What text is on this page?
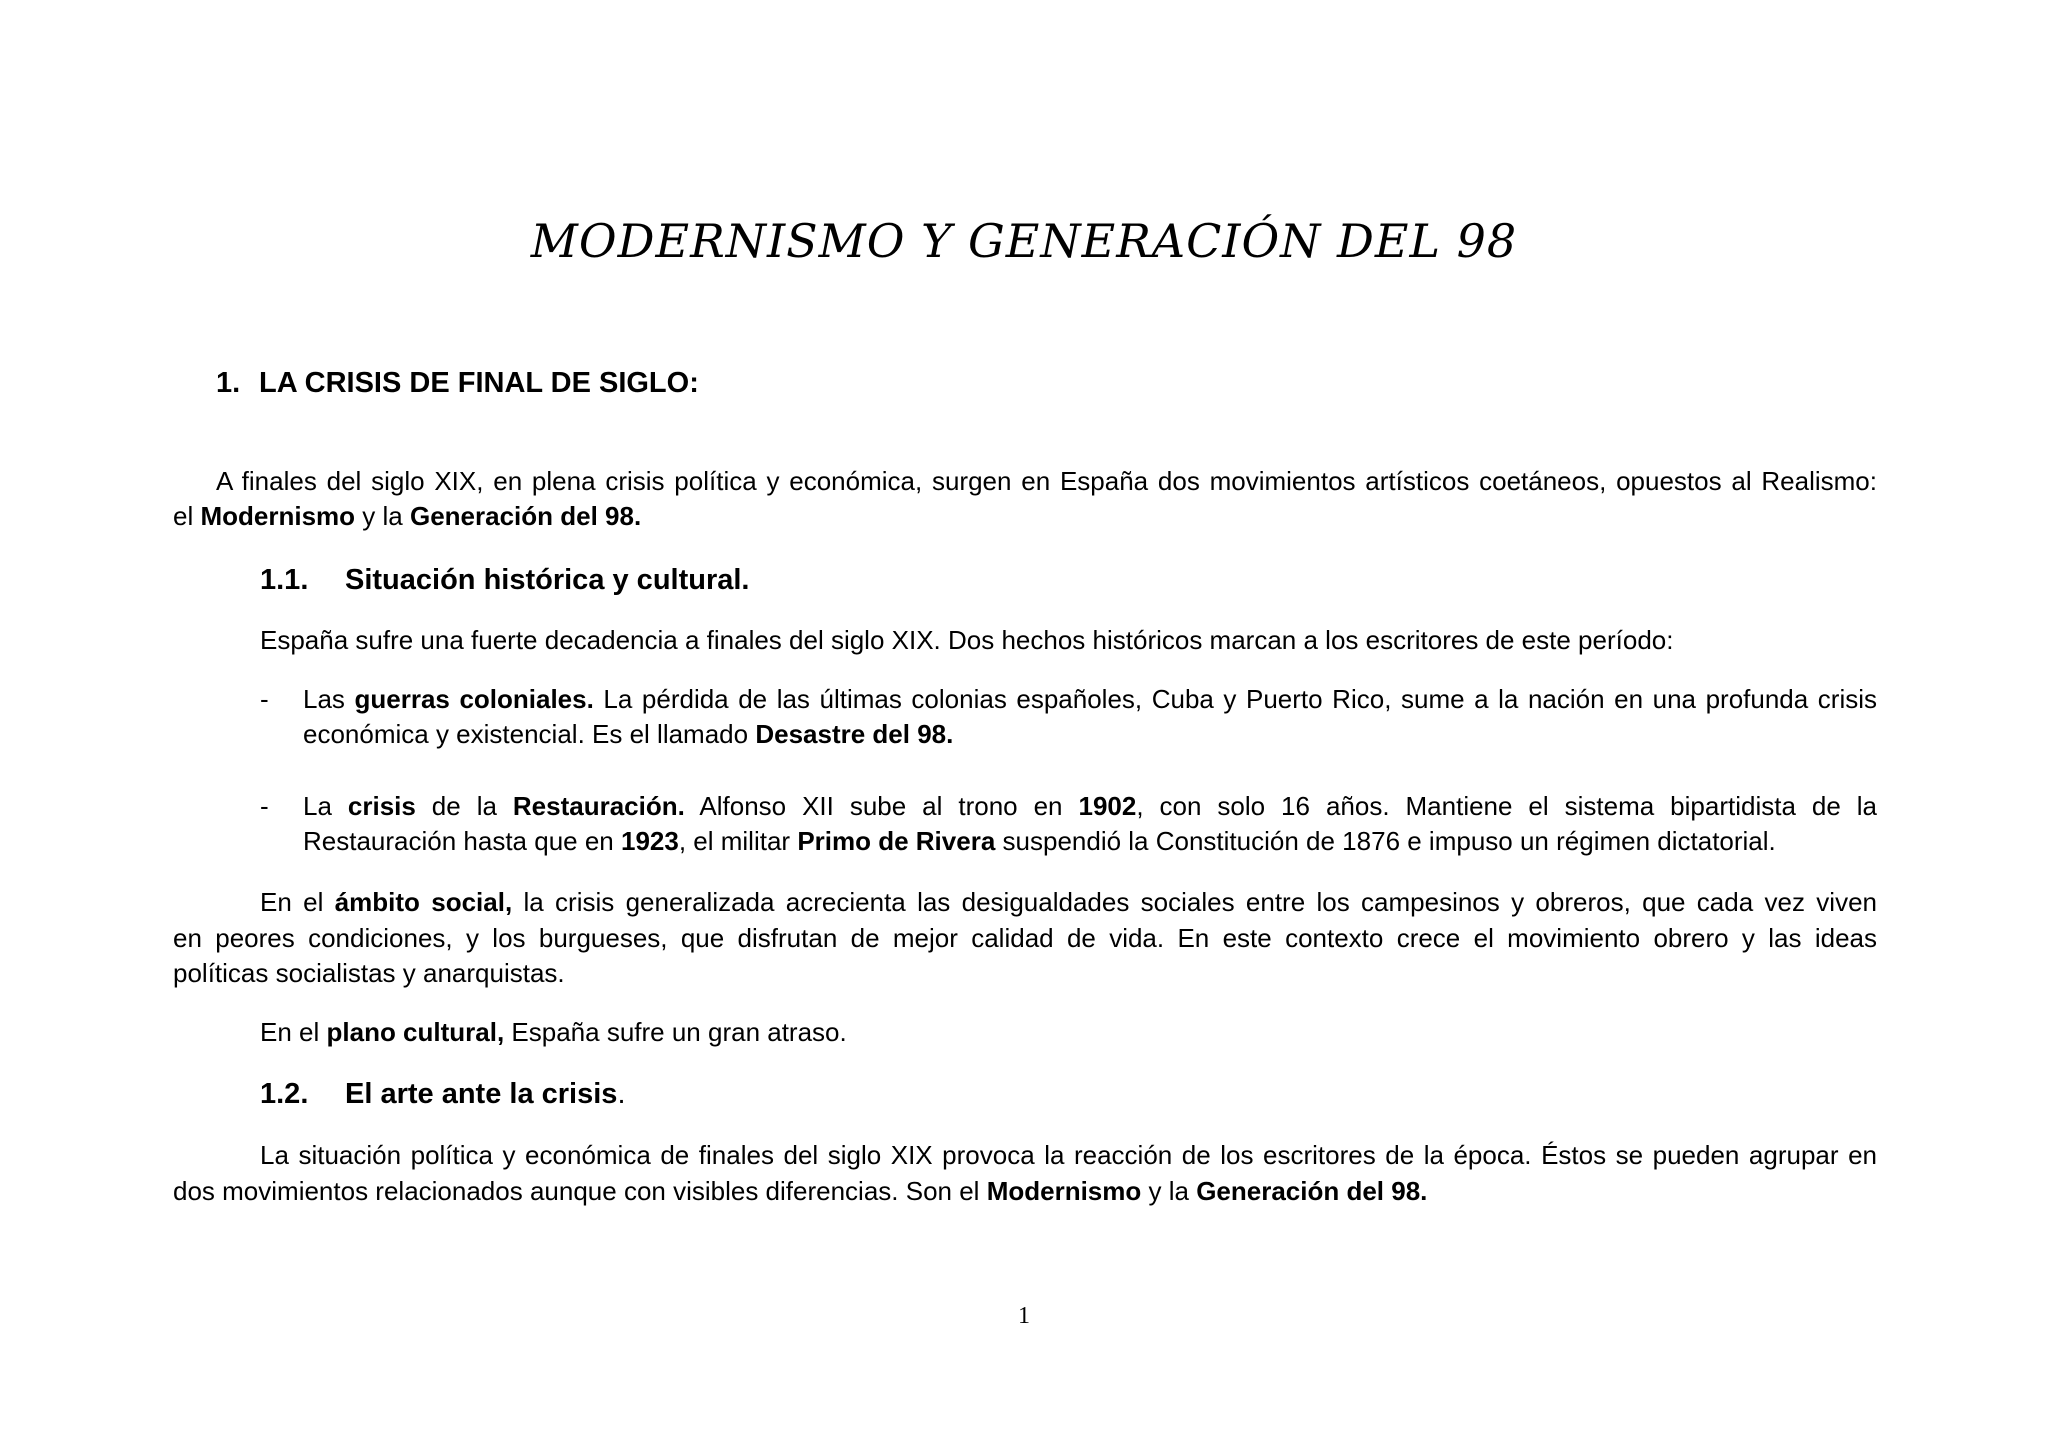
MODERNISMO Y GENERACIÓN DEL 98
1. LA CRISIS DE FINAL DE SIGLO:
A finales del siglo XIX, en plena crisis política y económica, surgen en España dos movimientos artísticos coetáneos, opuestos al Realismo:
el Modernismo y la Generación del 98.
1.1. Situación histórica y cultural.
España sufre una fuerte decadencia a finales del siglo XIX. Dos hechos históricos marcan a los escritores de este período:
- Las guerras coloniales. La pérdida de las últimas colonias españoles, Cuba y Puerto Rico, sume a la nación en una profunda crisis
económica y existencial. Es el llamado Desastre del 98.
- La crisis de la Restauración. Alfonso XII sube al trono en 1902, con solo 16 años. Mantiene el sistema bipartidista de la
Restauración hasta que en 1923, el militar Primo de Rivera suspendió la Constitución de 1876 e impuso un régimen dictatorial.
En el ámbito social, la crisis generalizada acrecienta las desigualdades sociales entre los campesinos y obreros, que cada vez viven
en peores condiciones, y los burgueses, que disfrutan de mejor calidad de vida. En este contexto crece el movimiento obrero y las ideas
políticas socialistas y anarquistas.
En el plano cultural, España sufre un gran atraso.
1.2. El arte ante la crisis.
La situación política y económica de finales del siglo XIX provoca la reacción de los escritores de la época. Éstos se pueden agrupar en
dos movimientos relacionados aunque con visibles diferencias. Son el Modernismo y la Generación del 98.
1
